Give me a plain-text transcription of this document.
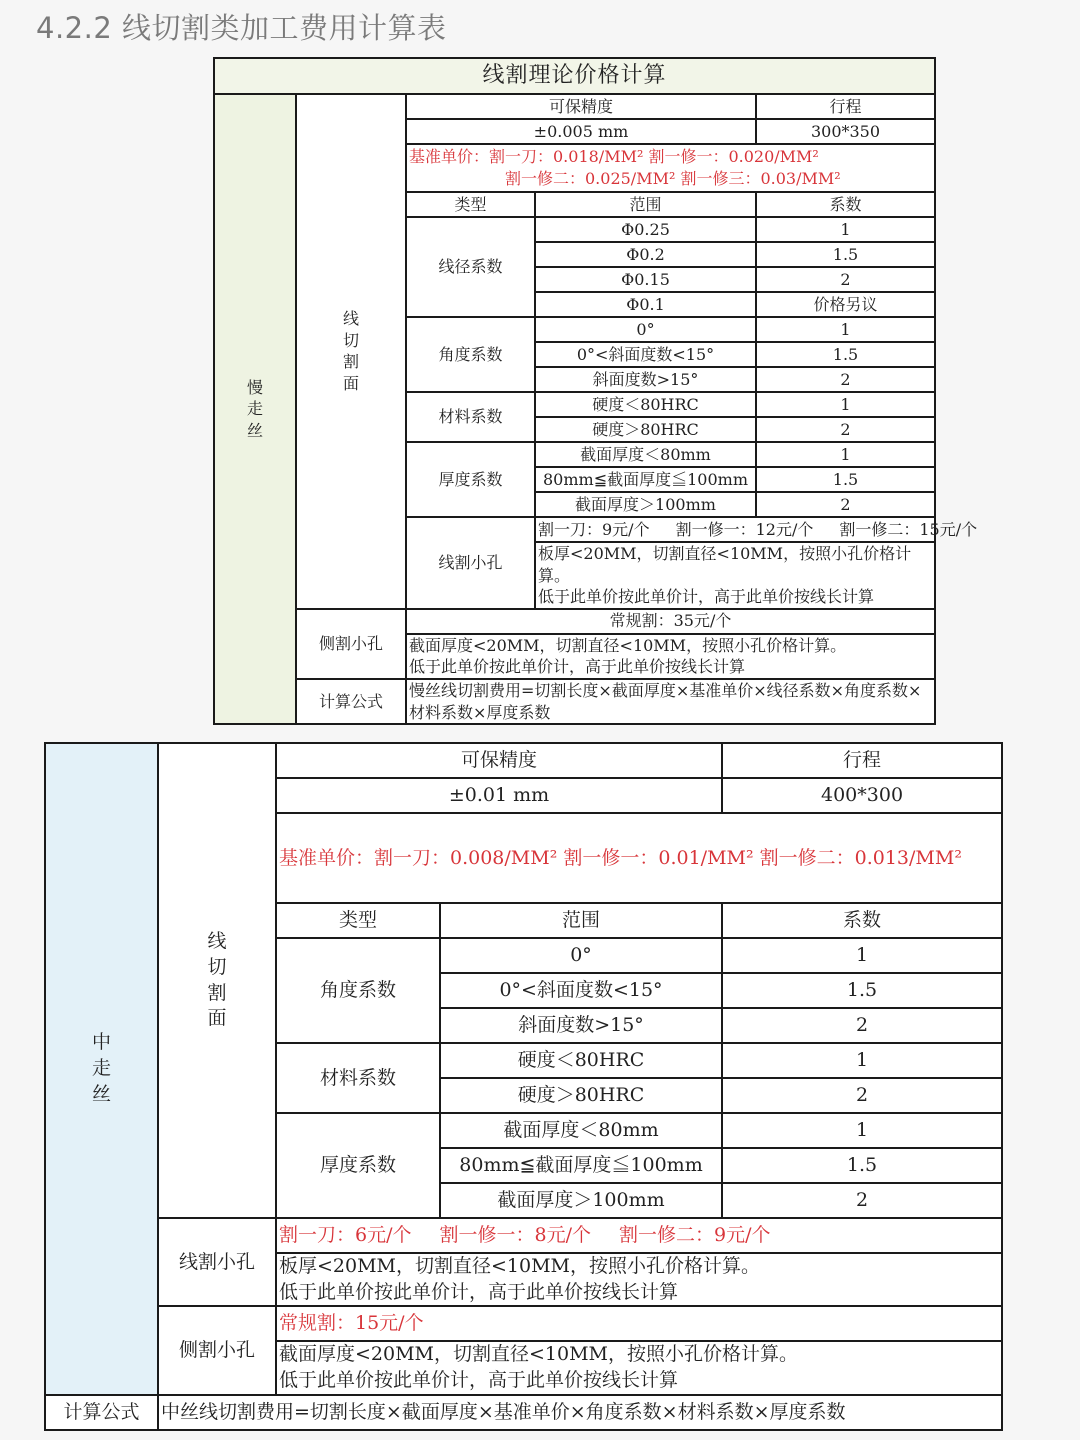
4.2.2 线切割类加工费用计算表
线割理论价格计算				
慢走丝	线切割面	可保精度		行程
		±0.005 mm		300*350

		基准单价：割一刀：0.018/MM² 割一修一：0.020/MM²
割一修二：0.025/MM² 割一修三：0.03/MM²		

		类型	范围	系数
		线径系数	Φ0.25	1
			Φ0.2	1.5
			Φ0.15	2
			Φ0.1	价格另议
		角度系数	0°	1
			0°<斜面度数<15°	1.5
			斜面度数>15°	2
		材料系数	硬度＜80HRC	1
			硬度＞80HRC	2
		厚度系数	截面厚度＜80mm	1
			80mm≦截面厚度≦100mm	1.5
			截面厚度＞100mm	2
		线割小孔	割一刀：9元/个 割一修一：12元/个 割一修二：15元/个	

			板厚<20MM，切割直径<10MM，按照小孔价格计算。
低于此单价按此单价计，高于此单价按线长计算	

	侧割小孔	常规割：35元/个		

		截面厚度<20MM，切割直径<10MM，按照小孔价格计算。
低于此单价按此单价计，高于此单价按线长计算		

	计算公式	慢丝线切割费用=切割长度×截面厚度×基准单价×线径系数×角度系数×
材料系数×厚度系数		
中走丝	线切割面	可保精度		行程
		±0.01 mm		400*300
		基准单价：割一刀：0.008/MM² 割一修一：0.01/MM² 割一修二：0.013/MM²		
		类型	范围	系数
		角度系数	0°	1
			0°<斜面度数<15°	1.5
			斜面度数>15°	2
		材料系数	硬度＜80HRC	1
			硬度＞80HRC	2
		厚度系数	截面厚度＜80mm	1
			80mm≦截面厚度≦100mm	1.5
			截面厚度＞100mm	2
	线割小孔	割一刀：6元/个 割一修一：8元/个 割一修二：9元/个		

		板厚<20MM，切割直径<10MM，按照小孔价格计算。
低于此单价按此单价计，高于此单价按线长计算		

	侧割小孔	常规割：15元/个		

		截面厚度<20MM，切割直径<10MM，按照小孔价格计算。
低于此单价按此单价计，高于此单价按线长计算		

计算公式	中丝线切割费用=切割长度×截面厚度×基准单价×角度系数×材料系数×厚度系数
